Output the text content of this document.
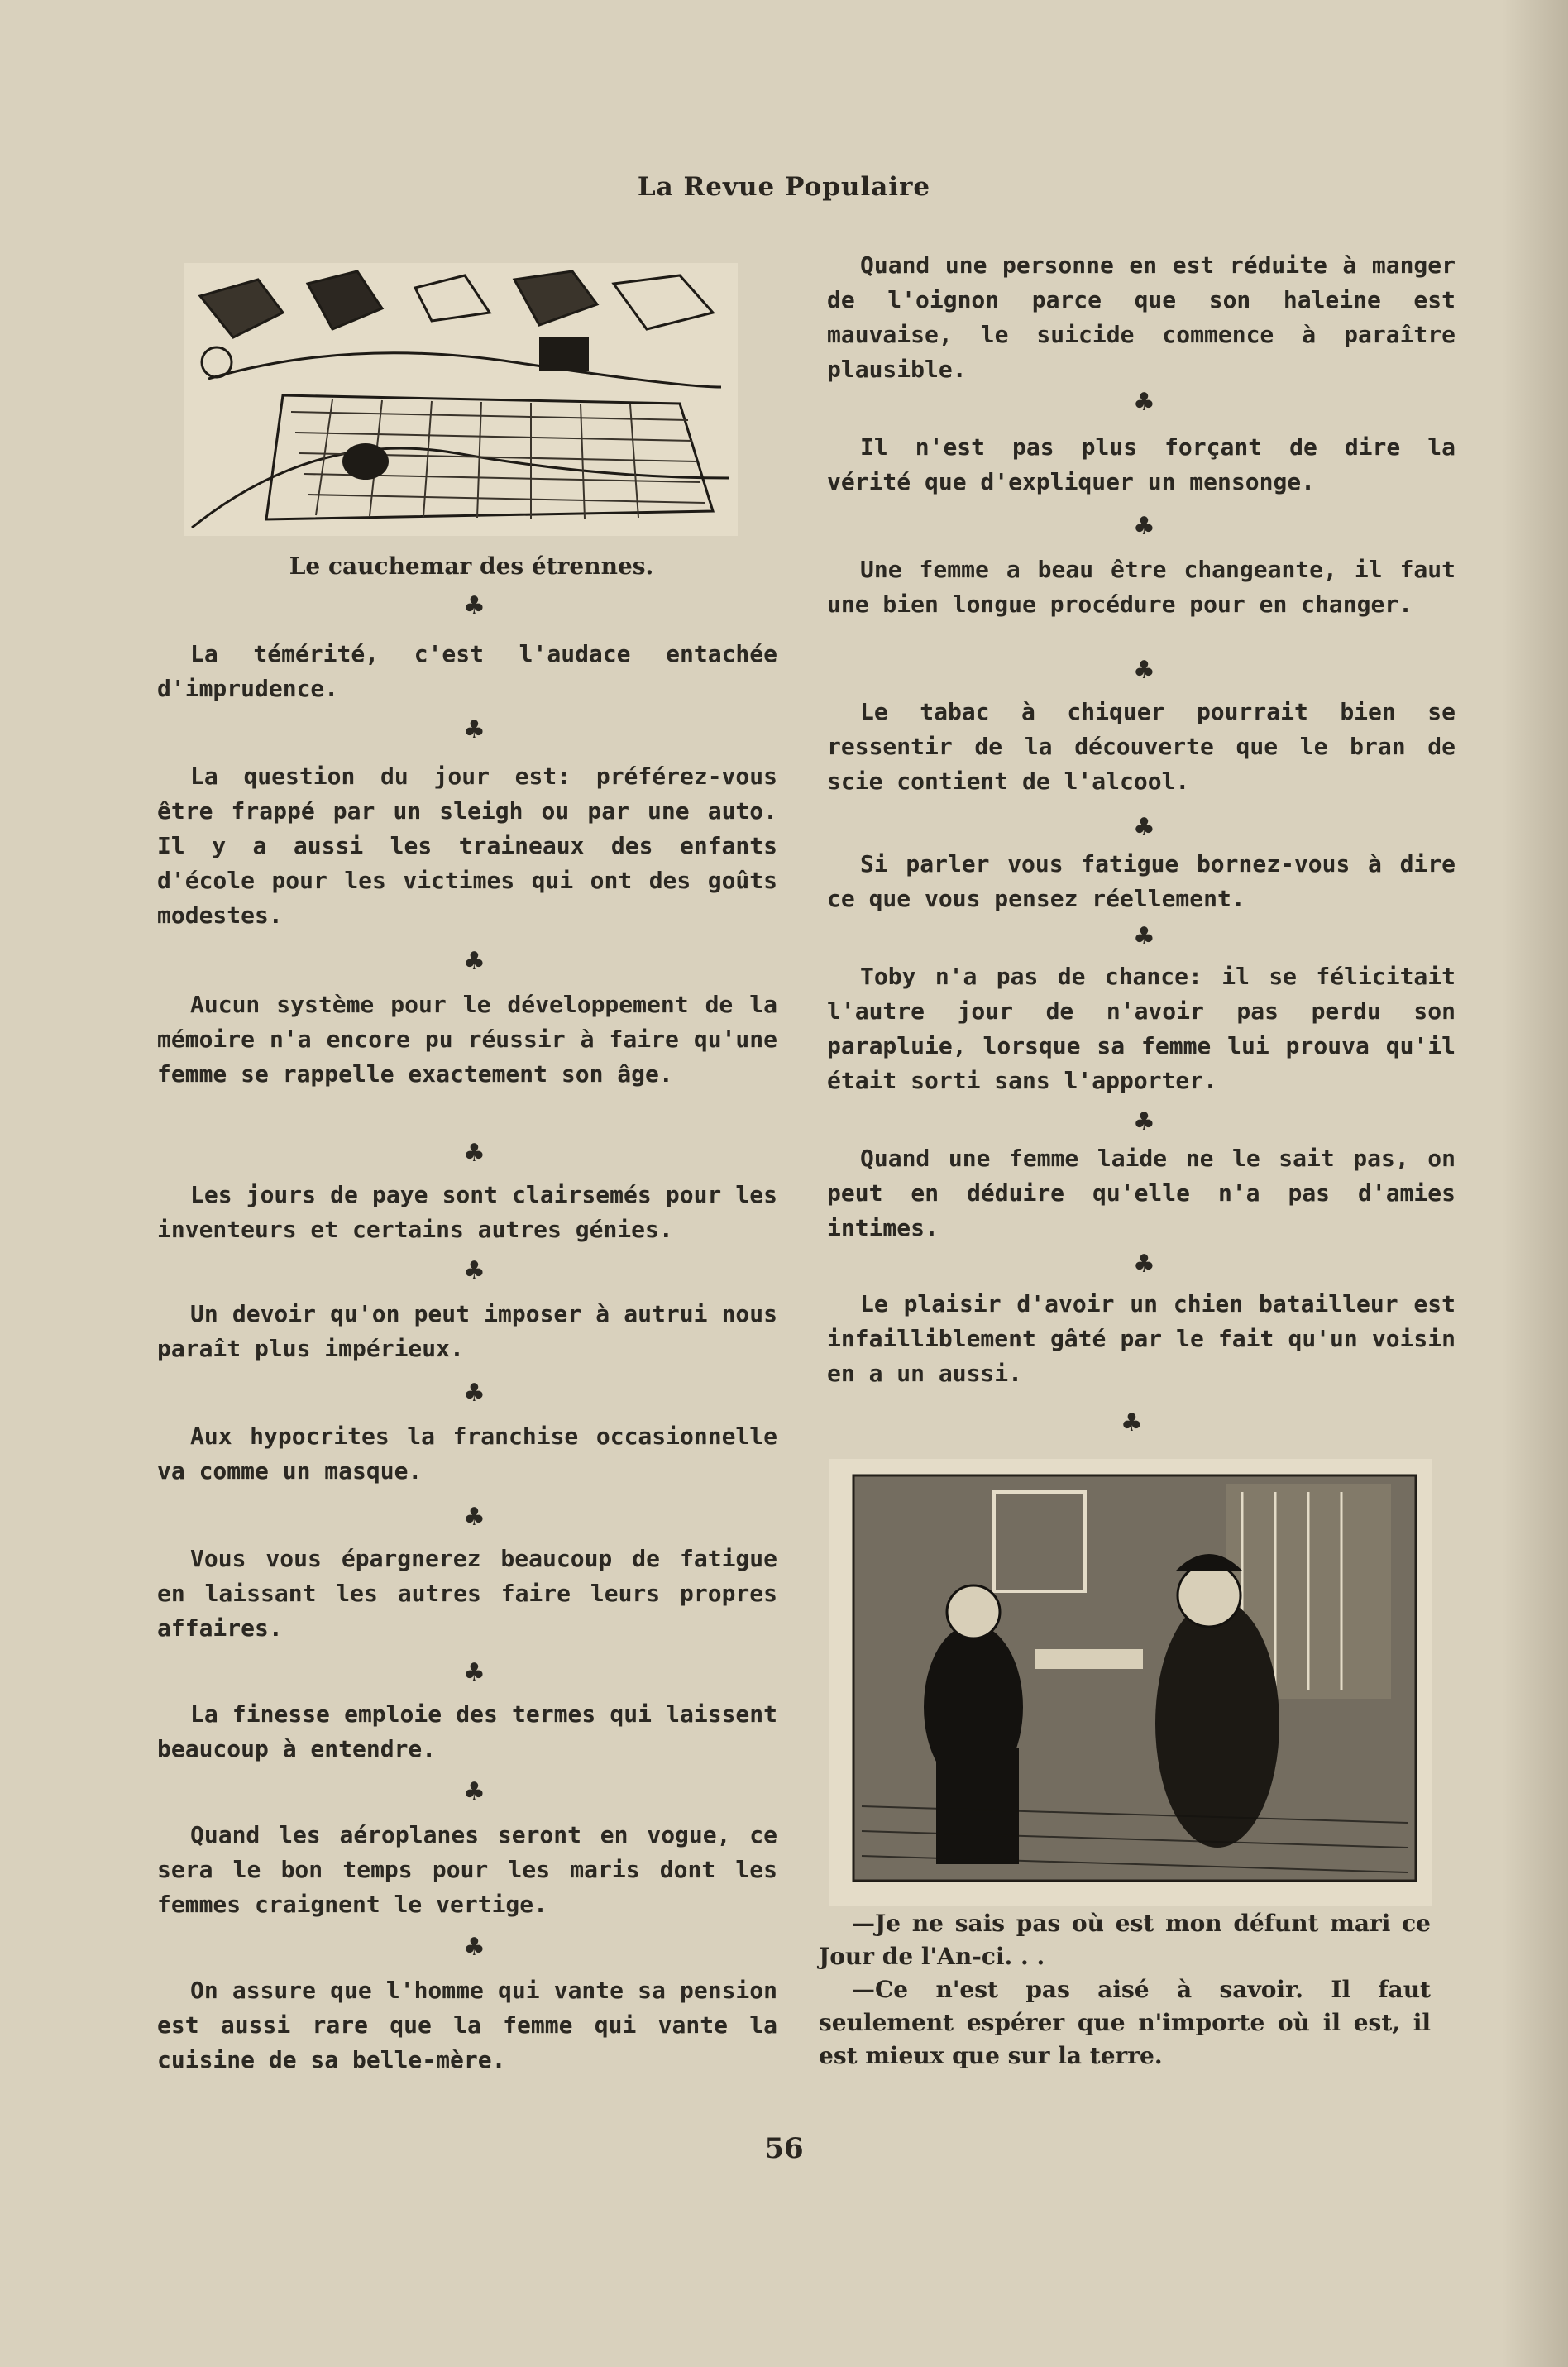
La Revue Populaire
Le cauchemar des étrennes.
♣

La témérité, c'est l'audace entachée d'imprudence.

♣

La question du jour est: préférez-vous être frappé par un sleigh ou par une auto. Il y a aussi les traineaux des enfants d'école pour les victimes qui ont des goûts modestes.

♣

Aucun système pour le développement de la mémoire n'a encore pu réussir à faire qu'une femme se rappelle exactement son âge.

♣

Les jours de paye sont clairsemés pour les inventeurs et certains autres génies.

♣

Un devoir qu'on peut imposer à autrui nous paraît plus impérieux.

♣

Aux hypocrites la franchise occasionnelle va comme un masque.

♣

Vous vous épargnerez beaucoup de fatigue en laissant les autres faire leurs propres affaires.

♣

La finesse emploie des termes qui laissent beaucoup à entendre.

♣

Quand les aéroplanes seront en vogue, ce sera le bon temps pour les maris dont les femmes craignent le vertige.

♣

On assure que l'homme qui vante sa pension est aussi rare que la femme qui vante la cuisine de sa belle-mère.

Quand une personne en est réduite à manger de l'oignon parce que son haleine est mauvaise, le suicide commence à paraître plausible.

♣

Il n'est pas plus forçant de dire la vérité que d'expliquer un mensonge.

♣

Une femme a beau être changeante, il faut une bien longue procédure pour en changer.

♣

Le tabac à chiquer pourrait bien se ressentir de la découverte que le bran de scie contient de l'alcool.

♣

Si parler vous fatigue bornez-vous à dire ce que vous pensez réellement.

♣

Toby n'a pas de chance: il se félicitait l'autre jour de n'avoir pas perdu son parapluie, lorsque sa femme lui prouva qu'il était sorti sans l'apporter.

♣

Quand une femme laide ne le sait pas, on peut en déduire qu'elle n'a pas d'amies intimes.

♣

Le plaisir d'avoir un chien batailleur est infailliblement gâté par le fait qu'un voisin en a un aussi.

♣

—Je ne sais pas où est mon défunt mari ce Jour de l'An-ci. . .

—Ce n'est pas aisé à savoir. Il faut seulement espérer que n'importe où il est, il est mieux que sur la terre.

56
